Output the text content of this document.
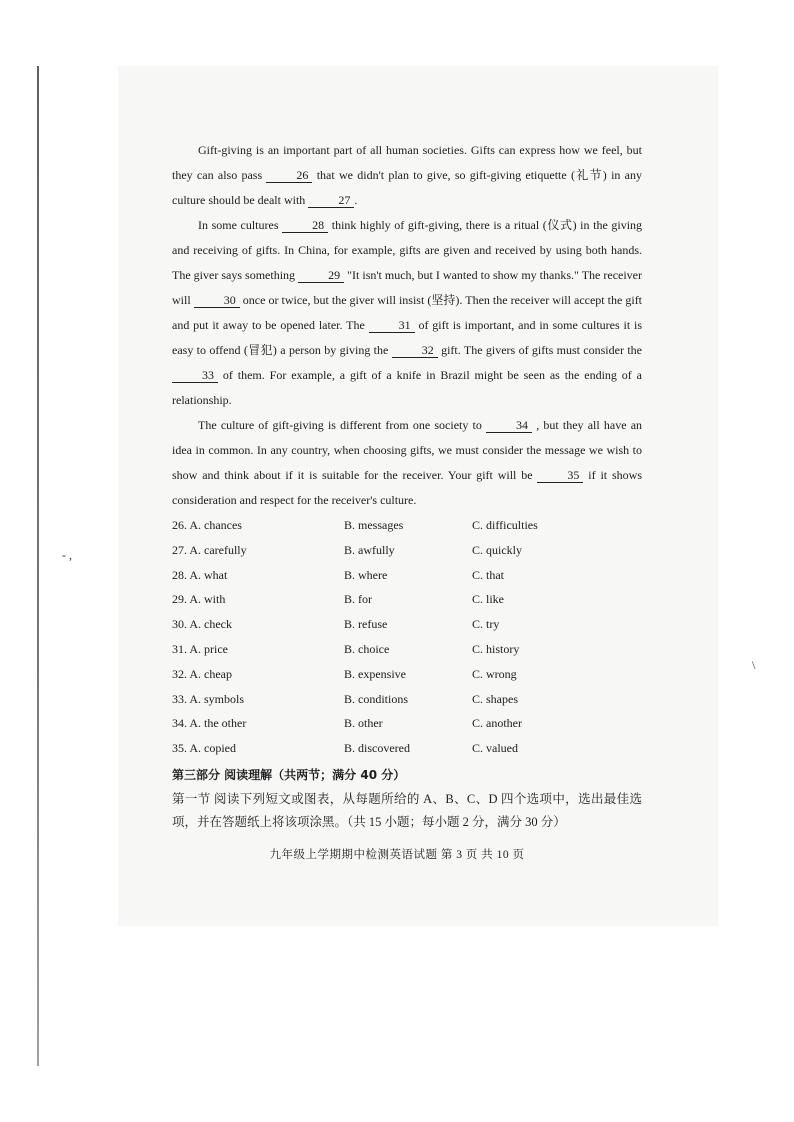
- ,
\

Gift-giving is an important part of all human societies. Gifts can express how we feel, but they can also pass	26 that we didn't plan to give, so gift-giving etiquette (礼节) in any culture should be dealt with	27 .

In some cultures	28 think highly of gift-giving, there is a ritual (仪式) in the giving and receiving of gifts. In China, for example, gifts are given and received by using both hands. The giver says something	29 "It isn't much, but I wanted to show my thanks." The receiver will	30 once or twice, but the giver will insist (坚持). Then the receiver will accept the gift and put it away to be opened later. The	31 of gift is important, and in some cultures it is easy to offend (冒犯) a person by giving the	32 gift. The givers of gifts must consider the 33 of them. For example, a gift of a knife in Brazil might be seen as the ending of a relationship.

The culture of gift-giving is different from one society to	34 , but they all have an idea in common. In any country, when choosing gifts, we must consider the message we wish to show and think about if it is suitable for the receiver. Your gift will be	35 if it shows consideration and respect for the receiver's culture.

26. A. chances	B. messages	C. difficulties
27. A. carefully	B. awfully	C. quickly
28. A. what	B. where	C. that
29. A. with	B. for	C. like
30. A. check	B. refuse	C. try
31. A. price	B. choice	C. history
32. A. cheap	B. expensive	C. wrong
33. A. symbols	B. conditions	C. shapes
34. A. the other	B. other	C. another
35. A. copied	B. discovered	C. valued
第三部分 阅读理解（共两节；满分 40 分）

第一节 阅读下列短文或图表，从每题所给的 A、B、C、D 四个选项中，选出最佳选项，并在答题纸上将该项涂黑。（共 15 小题；每小题 2 分，满分 30 分）

九年级上学期期中检测英语试题 第 3 页 共 10 页
